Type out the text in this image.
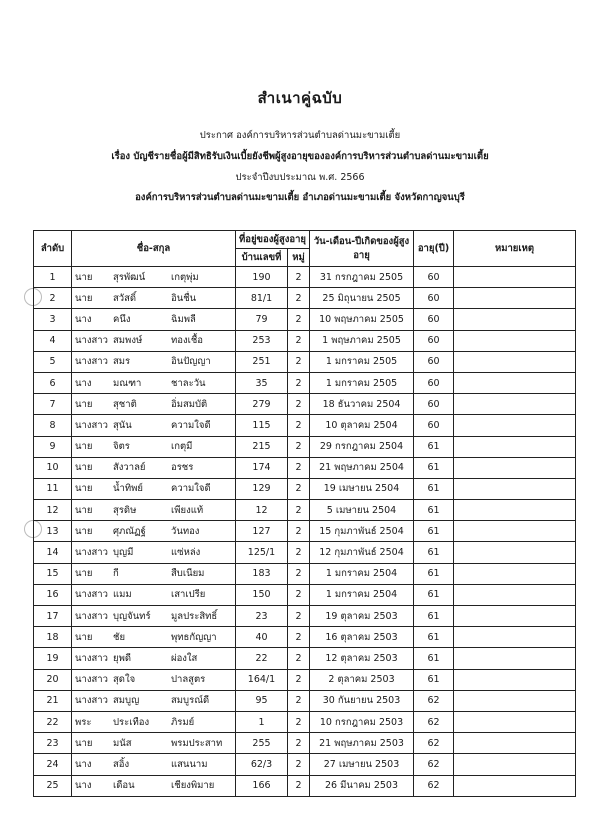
สำเนาคู่ฉบับ
ประกาศ องค์การบริหารส่วนตำบลด่านมะขามเตี้ย
เรื่อง บัญชีรายชื่อผู้มีสิทธิรับเงินเบี้ยยังชีพผู้สูงอายุขององค์การบริหารส่วนตำบลด่านมะขามเตี้ย
ประจำปีงบประมาณ พ.ศ. 2566
องค์การบริหารส่วนตำบลด่านมะขามเตี้ย อำเภอด่านมะขามเตี้ย จังหวัดกาญจนบุรี
ลำดับ	ชื่อ-สกุล	ที่อยู่ของผู้สูงอายุ		วัน-เดือน-ปีเกิดของผู้สูงอายุ	อายุ(ปี)	หมายเหตุ
		บ้านเลขที่	หมู่			
1	นาย สุรพัฒน์ เกตุพุ่ม	190	2	31 กรกฎาคม 2505	60	
2	นาย สวัสดิ์ อินชื่น	81/1	2	25 มิถุนายน 2505	60	
3	นาง คนึง ฉิมพลี	79	2	10 พฤษภาคม 2505	60	
4	นางสาว สมพงษ์ ทองเชื้อ	253	2	1 พฤษภาคม 2505	60	
5	นางสาว สมร อินปัญญา	251	2	1 มกราคม 2505	60	
6	นาง มณฑา ชาละวัน	35	2	1 มกราคม 2505	60	
7	นาย สุชาติ อิ่มสมบัติ	279	2	18 ธันวาคม 2504	60	
8	นางสาว สุนัน ความใจดี	115	2	10 ตุลาคม 2504	60	
9	นาย จิตร เกตุมี	215	2	29 กรกฎาคม 2504	61	
10	นาย สังวาลย์ อรชร	174	2	21 พฤษภาคม 2504	61	
11	นาย น้ำทิพย์ ความใจดี	129	2	19 เมษายน 2504	61	
12	นาย สุรดิษ เพียงแท้	12	2	5 เมษายน 2504	61	
13	นาย ศุภณัฏฐ์ วันทอง	127	2	15 กุมภาพันธ์ 2504	61	
14	นางสาว บุญมี แซ่หล่ง	125/1	2	12 กุมภาพันธ์ 2504	61	
15	นาย กี สืบเนียม	183	2	1 มกราคม 2504	61	
16	นางสาว แมม เสาเปรีย	150	2	1 มกราคม 2504	61	
17	นางสาว บุญจันทร์ มูลประสิทธิ์	23	2	19 ตุลาคม 2503	61	
18	นาย ชัย พุทธกัญญา	40	2	16 ตุลาคม 2503	61	
19	นางสาว ยุพดี ผ่องใส	22	2	12 ตุลาคม 2503	61	
20	นางสาว สุดใจ ปาลสูตร	164/1	2	2 ตุลาคม 2503	61	
21	นางสาว สมบูญ สมบูรณ์ดี	95	2	30 กันยายน 2503	62	
22	พระ ประเทือง ภิรมย์	1	2	10 กรกฎาคม 2503	62	
23	นาย มนัส พรมประสาท	255	2	21 พฤษภาคม 2503	62	
24	นาง สอิ้ง แสนนาม	62/3	2	27 เมษายน 2503	62	
25	นาง เดือน เชียงพิมาย	166	2	26 มีนาคม 2503	62	
